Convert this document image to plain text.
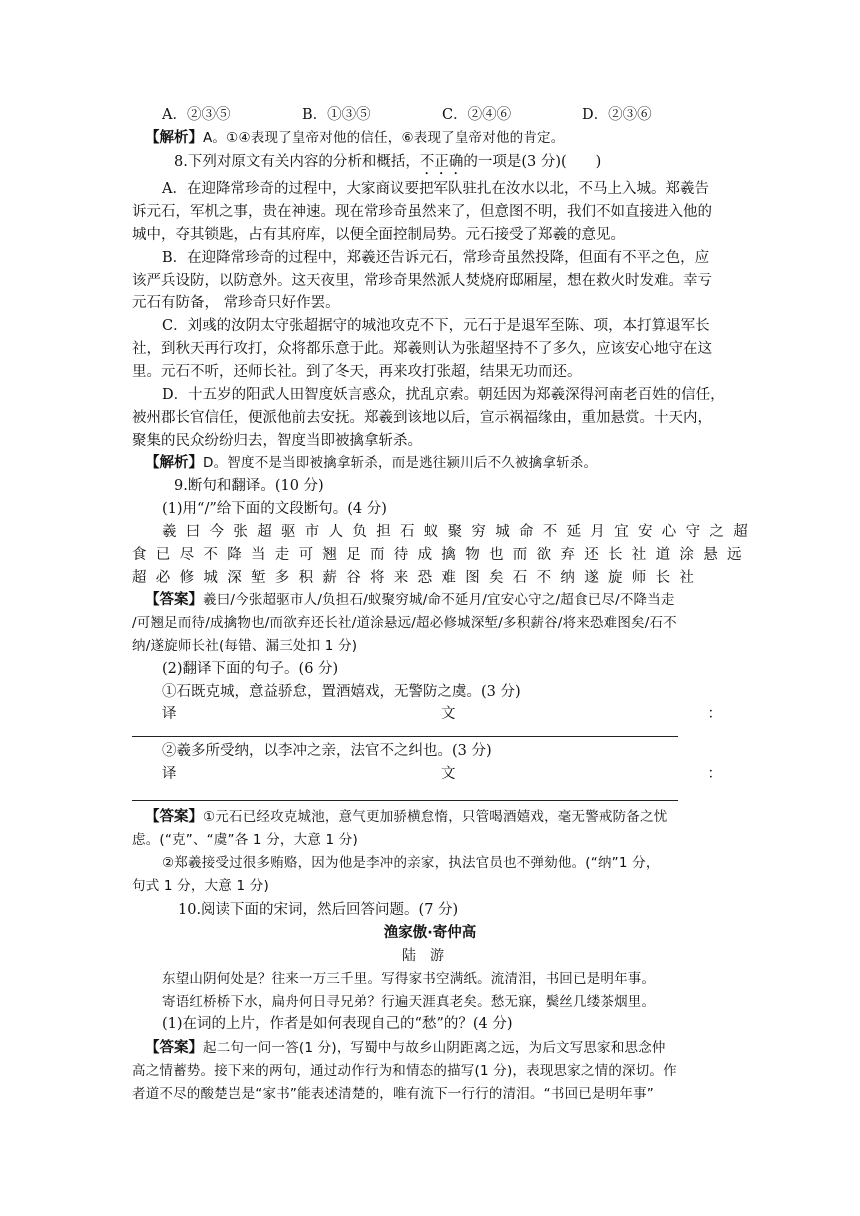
A．②③⑤	B．①③⑤	C．②④⑥	D．②③⑥
【解析】A。①④表现了皇帝对他的信任，⑥表现了皇帝对他的肯定。
8.下列对原文有关内容的分析和概括，不正确的一项是(3 分)(　　)
A．在迎降常珍奇的过程中，大家商议要把军队驻扎在汝水以北，不马上入城。郑羲告
诉元石，军机之事，贵在神速。现在常珍奇虽然来了，但意图不明，我们不如直接进入他的
城中，夺其锁匙，占有其府库，以便全面控制局势。元石接受了郑羲的意见。
B．在迎降常珍奇的过程中，郑羲还告诉元石，常珍奇虽然投降，但面有不平之色，应
该严兵设防，以防意外。这天夜里，常珍奇果然派人焚烧府邸厢屋，想在救火时发难。幸亏
元石有防备， 常珍奇只好作罢。
C．刘彧的汝阴太守张超据守的城池攻克不下，元石于是退军至陈、项，本打算退军长
社，到秋天再行攻打，众将都乐意于此。郑羲则认为张超坚持不了多久，应该安心地守在这
里。元石不听，还师长社。到了冬天，再来攻打张超，结果无功而还。
D．十五岁的阳武人田智度妖言惑众，扰乱京索。朝廷因为郑羲深得河南老百姓的信任，
被州郡长官信任，便派他前去安抚。郑羲到该地以后，宣示祸福缘由，重加悬赏。十天内，
聚集的民众纷纷归去，智度当即被擒拿斩杀。
【解析】D。智度不是当即被擒拿斩杀，而是逃往颍川后不久被擒拿斩杀。
9.断句和翻译。(10 分)
(1)用“/”给下面的文段断句。(4 分)
羲曰今张超驱市人负担石蚁聚穷城命不延月宜安心守之超
食已尽不降当走可翘足而待成擒物也而欲弃还长社道涂悬远
超必修城深堑多积薪谷将来恐难图矣石不纳遂旋师长社
【答案】羲曰/今张超驱市人/负担石/蚁聚穷城/命不延月/宜安心守之/超食已尽/不降当走
/可翘足而待/成擒物也/而欲弃还长社/道涂悬远/超必修城深堑/多积薪谷/将来恐难图矣/石不
纳/遂旋师长社(每错、漏三处扣 1 分)
(2)翻译下面的句子。(6 分)
①石既克城，意益骄怠，置酒嬉戏，无警防之虞。(3 分)
译	文	：
②羲多所受纳，以李冲之亲，法官不之纠也。(3 分)
译	文	：
【答案】①元石已经攻克城池，意气更加骄横怠惰，只管喝酒嬉戏，毫无警戒防备之忧
虑。(“克”、“虞”各 1 分，大意 1 分)
②郑羲接受过很多贿赂，因为他是李冲的亲家，执法官员也不弹劾他。(“纳”1 分，
句式 1 分，大意 1 分)
10.阅读下面的宋词，然后回答问题。(7 分)
渔家傲·寄仲高
陆游
东望山阴何处是？往来一万三千里。写得家书空满纸。流清泪，书回已是明年事。
寄语红桥桥下水，扁舟何日寻兄弟？行遍天涯真老矣。愁无寐，鬓丝几缕茶烟里。
(1)在词的上片，作者是如何表现自己的“愁”的？(4 分)
【答案】起二句一问一答(1 分)，写蜀中与故乡山阴距离之远，为后文写思家和思念仲
高之情蓄势。接下来的两句，通过动作行为和情态的描写(1 分)，表现思家之情的深切。作
者道不尽的酸楚岂是“家书”能表述清楚的，唯有流下一行行的清泪。“书回已是明年事”
